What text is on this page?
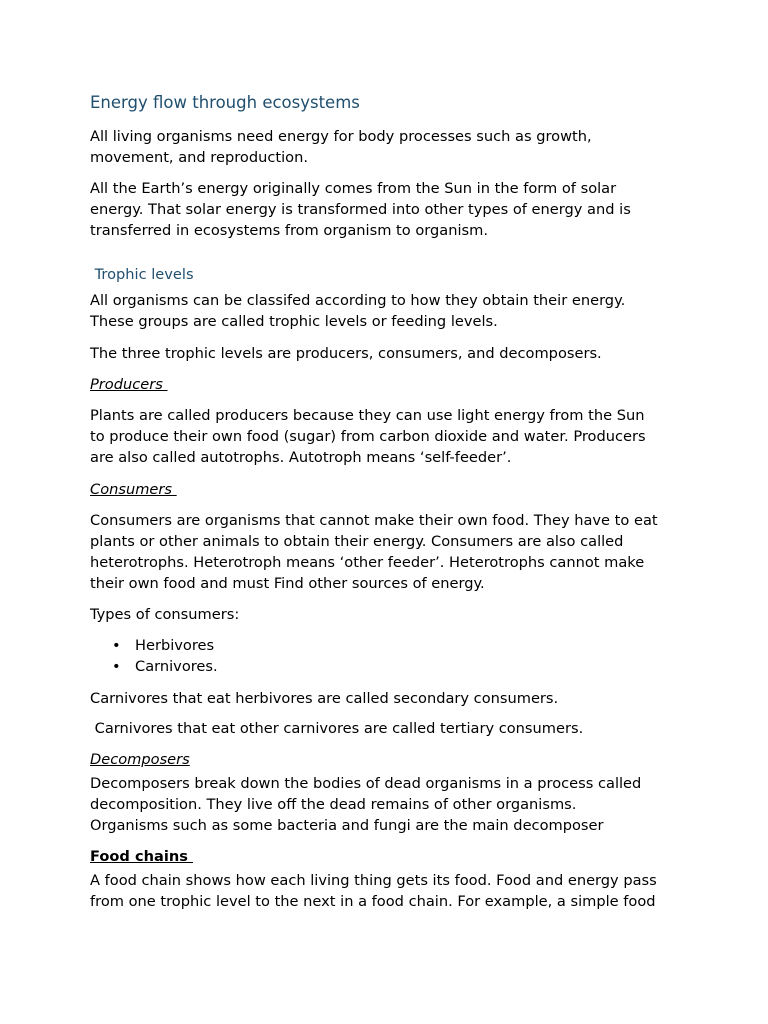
Energy flow through ecosystems
All living organisms need energy for body processes such as growth,
movement, and reproduction.
All the Earth’s energy originally comes from the Sun in the form of solar
energy. That solar energy is transformed into other types of energy and is
transferred in ecosystems from organism to organism.
Trophic levels
All organisms can be classifed according to how they obtain their energy.
These groups are called trophic levels or feeding levels.
The three trophic levels are producers, consumers, and decomposers.
Producers
Plants are called producers because they can use light energy from the Sun
to produce their own food (sugar) from carbon dioxide and water. Producers
are also called autotrophs. Autotroph means ‘self-feeder’.
Consumers
Consumers are organisms that cannot make their own food. They have to eat
plants or other animals to obtain their energy. Consumers are also called
heterotrophs. Heterotroph means ‘other feeder’. Heterotrophs cannot make
their own food and must Find other sources of energy.
Types of consumers:
• Herbivores
• Carnivores.
Carnivores that eat herbivores are called secondary consumers.
Carnivores that eat other carnivores are called tertiary consumers.
Decomposers
Decomposers break down the bodies of dead organisms in a process called
decomposition. They live off the dead remains of other organisms.
Organisms such as some bacteria and fungi are the main decomposer
Food chains
A food chain shows how each living thing gets its food. Food and energy pass
from one trophic level to the next in a food chain. For example, a simple food
